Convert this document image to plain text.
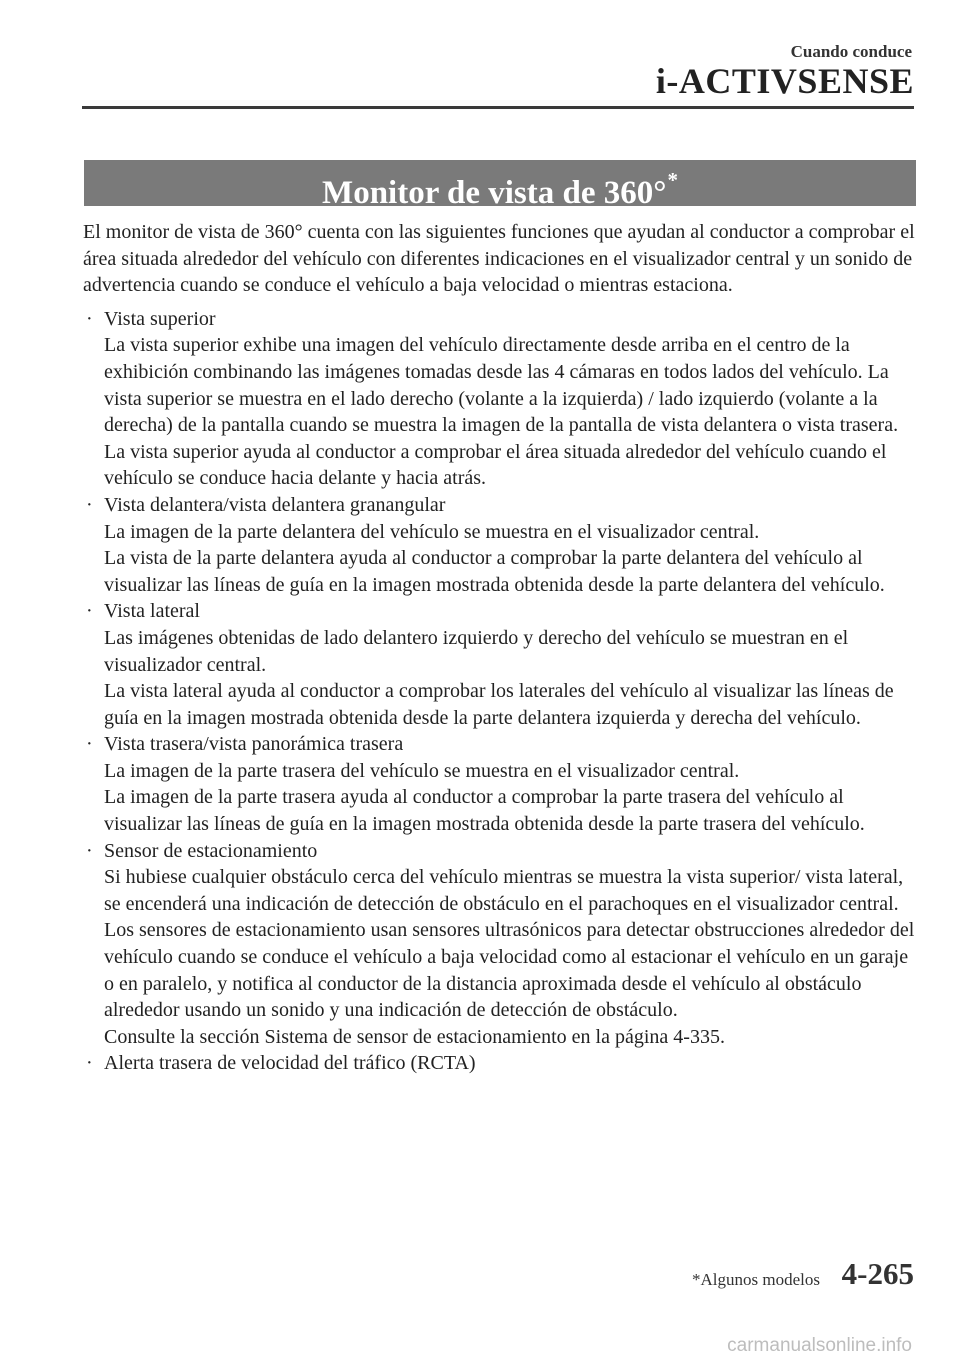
Cuando conduce
i-ACTIVSENSE
Monitor de vista de 360°*

El monitor de vista de 360° cuenta con las siguientes funciones que ayudan al conductor a comprobar el área situada alrededor del vehículo con diferentes indicaciones en el visualizador central y un sonido de advertencia cuando se conduce el vehículo a baja velocidad o mientras estaciona.

· Vista superior

La vista superior exhibe una imagen del vehículo directamente desde arriba en el centro de la exhibición combinando las imágenes tomadas desde las 4 cámaras en todos lados del vehículo. La vista superior se muestra en el lado derecho (volante a la izquierda) / lado izquierdo (volante a la derecha) de la pantalla cuando se muestra la imagen de la pantalla de vista delantera o vista trasera. La vista superior ayuda al conductor a comprobar el área situada alrededor del vehículo cuando el vehículo se conduce hacia delante y hacia atrás.

· Vista delantera/vista delantera granangular

La imagen de la parte delantera del vehículo se muestra en el visualizador central.

La vista de la parte delantera ayuda al conductor a comprobar la parte delantera del vehículo al visualizar las líneas de guía en la imagen mostrada obtenida desde la parte delantera del vehículo.

· Vista lateral

Las imágenes obtenidas de lado delantero izquierdo y derecho del vehículo se muestran en el visualizador central.

La vista lateral ayuda al conductor a comprobar los laterales del vehículo al visualizar las líneas de guía en la imagen mostrada obtenida desde la parte delantera izquierda y derecha del vehículo.

· Vista trasera/vista panorámica trasera

La imagen de la parte trasera del vehículo se muestra en el visualizador central.

La imagen de la parte trasera ayuda al conductor a comprobar la parte trasera del vehículo al visualizar las líneas de guía en la imagen mostrada obtenida desde la parte trasera del vehículo.

· Sensor de estacionamiento

Si hubiese cualquier obstáculo cerca del vehículo mientras se muestra la vista superior/ vista lateral, se encenderá una indicación de detección de obstáculo en el parachoques en el visualizador central.

Los sensores de estacionamiento usan sensores ultrasónicos para detectar obstrucciones alrededor del vehículo cuando se conduce el vehículo a baja velocidad como al estacionar el vehículo en un garaje o en paralelo, y notifica al conductor de la distancia aproximada desde el vehículo al obstáculo alrededor usando un sonido y una indicación de detección de obstáculo.

Consulte la sección Sistema de sensor de estacionamiento en la página 4-335.

· Alerta trasera de velocidad del tráfico (RCTA)
*Algunos modelos 4-265
carmanualsonline.info
